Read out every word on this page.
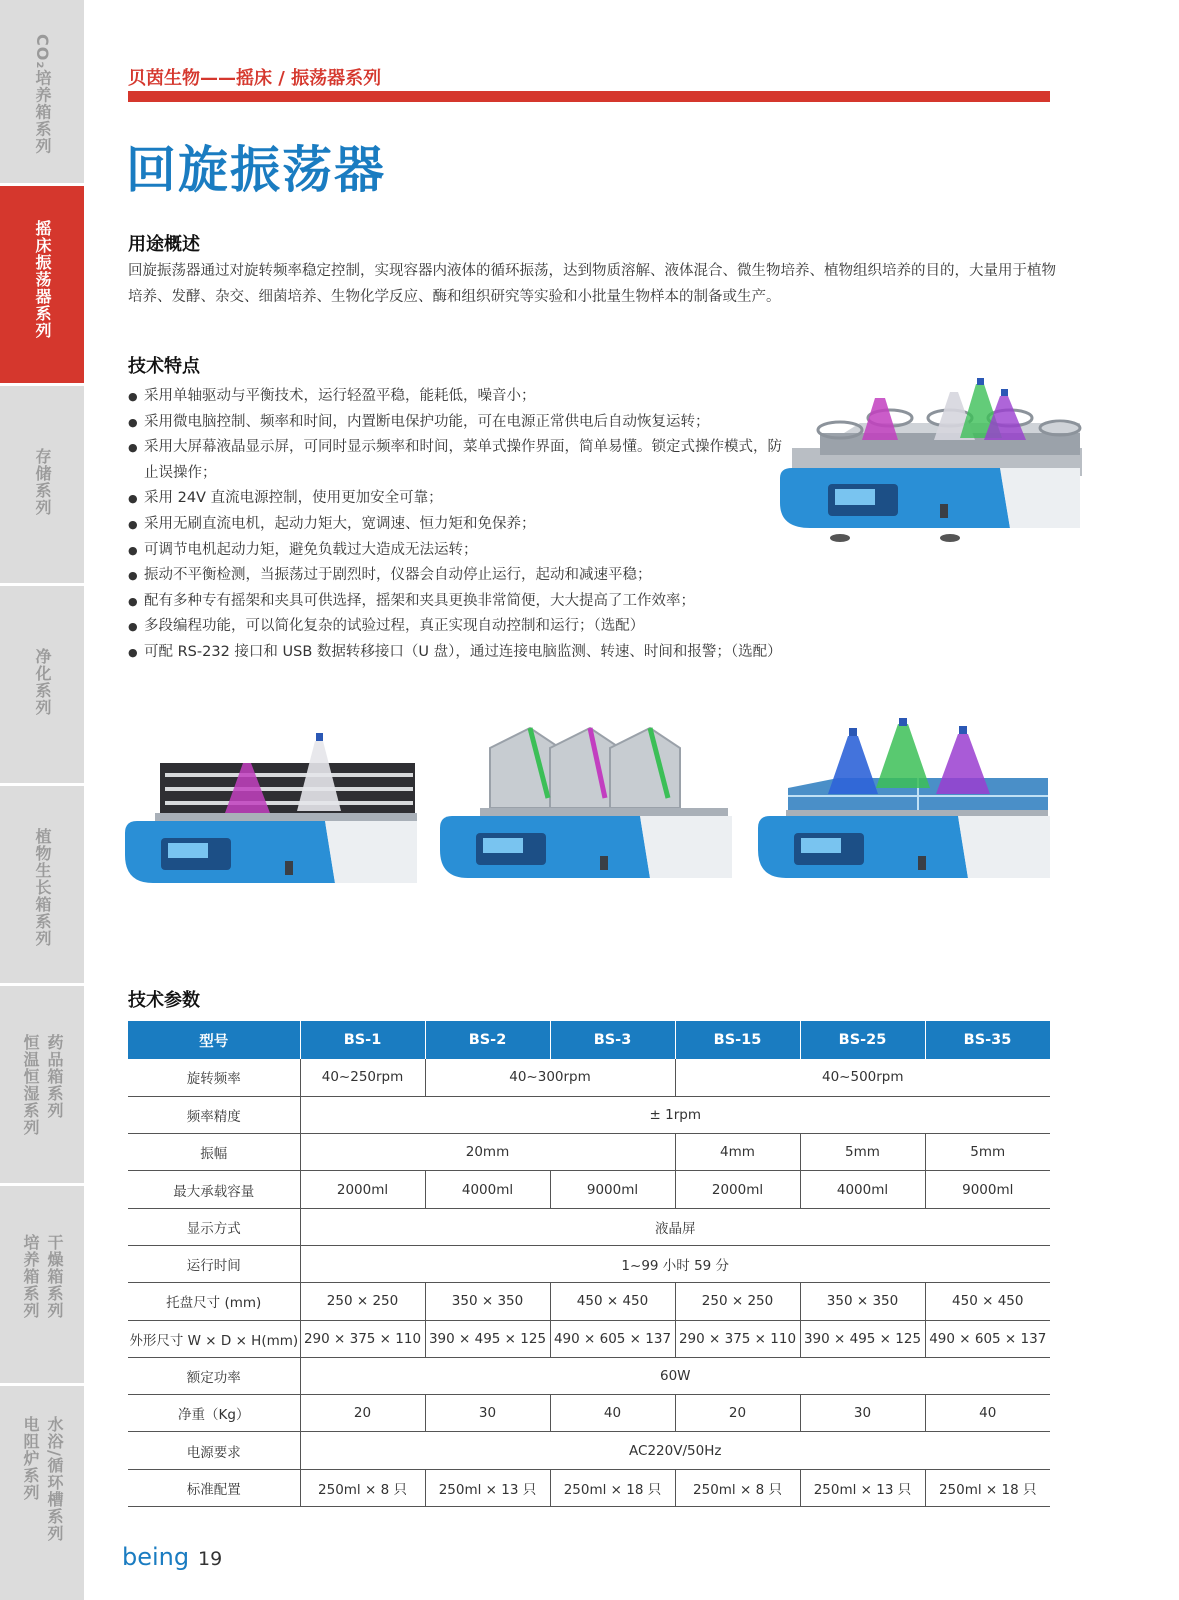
CO₂培养箱系列
摇床振荡器系列
存储系列
净化系列
植物生长箱系列
恒温恒湿系列 药品箱系列
培养箱系列 干燥箱系列
电阻炉系列 水浴/循环槽系列
贝茵生物——摇床 / 振荡器系列
回旋振荡器
用途概述

回旋振荡器通过对旋转频率稳定控制，实现容器内液体的循环振荡，达到物质溶解、液体混合、微生物培养、植物组织培养的目的，大量用于植物培养、发酵、杂交、细菌培养、生物化学反应、酶和组织研究等实验和小批量生物样本的制备或生产。

技术特点
● 采用单轴驱动与平衡技术，运行轻盈平稳，能耗低，噪音小；
● 采用微电脑控制、频率和时间，内置断电保护功能，可在电源正常供电后自动恢复运转；
● 采用大屏幕液晶显示屏，可同时显示频率和时间，菜单式操作界面，简单易懂。锁定式操作模式，防止误操作；
● 采用 24V 直流电源控制，使用更加安全可靠；
● 采用无刷直流电机，起动力矩大，宽调速、恒力矩和免保养；
● 可调节电机起动力矩，避免负载过大造成无法运转；
● 振动不平衡检测，当振荡过于剧烈时，仪器会自动停止运行，起动和减速平稳；
● 配有多种专有摇架和夹具可供选择，摇架和夹具更换非常简便，大大提高了工作效率；
● 多段编程功能，可以简化复杂的试验过程，真正实现自动控制和运行；（选配）
● 可配 RS-232 接口和 USB 数据转移接口（U 盘），通过连接电脑监测、转速、时间和报警；（选配）
技术参数
型号	BS-1	BS-2	BS-3	BS-15	BS-25	BS-35
旋转频率	40~250rpm	40~300rpm		40~500rpm		
频率精度	± 1rpm					
振幅	20mm			4mm	5mm	5mm
最大承载容量	2000ml	4000ml	9000ml	2000ml	4000ml	9000ml
显示方式	液晶屏					
运行时间	1~99 小时 59 分					
托盘尺寸 (mm)	250 × 250	350 × 350	450 × 450	250 × 250	350 × 350	450 × 450
外形尺寸 W × D × H(mm)	290 × 375 × 110	390 × 495 × 125	490 × 605 × 137	290 × 375 × 110	390 × 495 × 125	490 × 605 × 137
额定功率	60W					
净重（Kg）	20	30	40	20	30	40
电源要求	AC220V/50Hz					
标准配置	250ml × 8 只	250ml × 13 只	250ml × 18 只	250ml × 8 只	250ml × 13 只	250ml × 18 只
being 19
